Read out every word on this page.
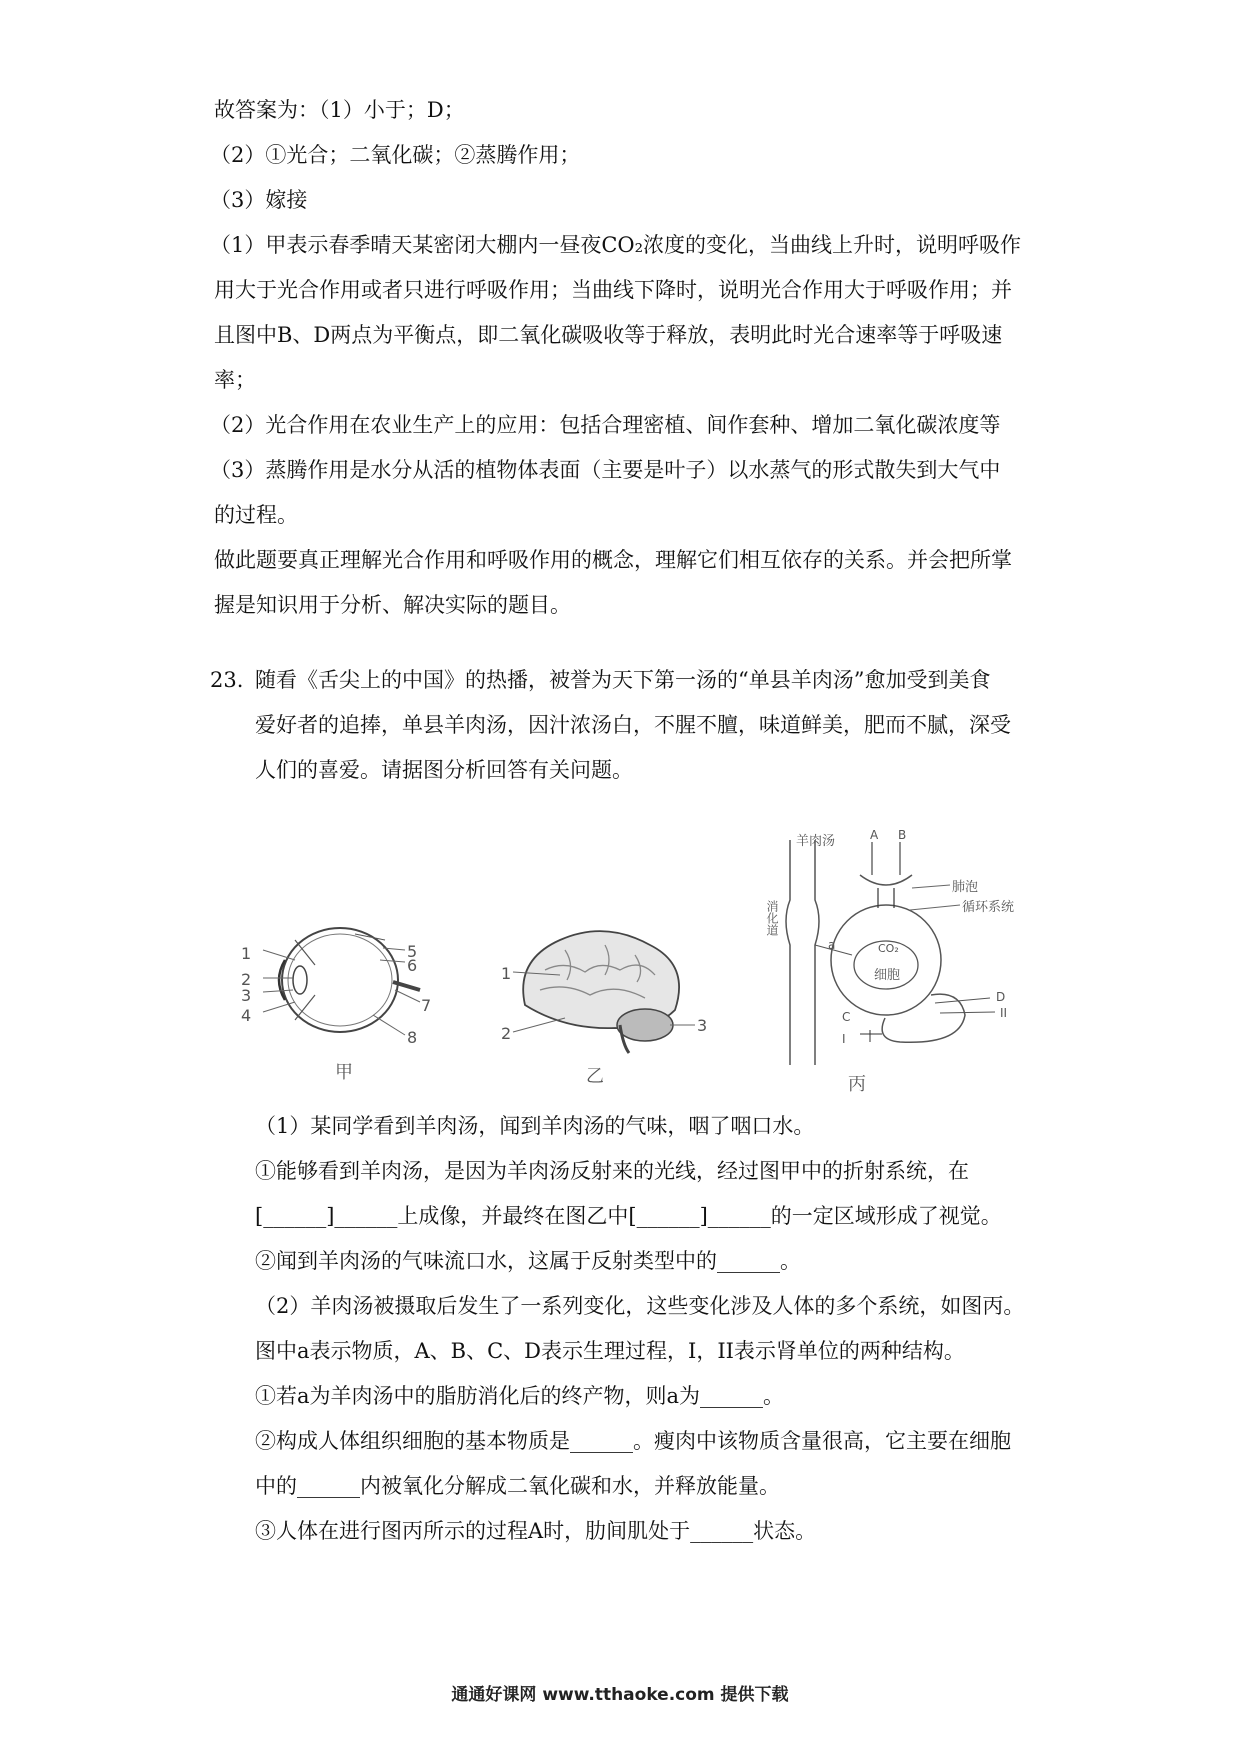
故答案为：（1）小于；D；
（2）①光合；二氧化碳；②蒸腾作用；
（3）嫁接
（1）甲表示春季晴天某密闭大棚内一昼夜CO₂浓度的变化，当曲线上升时，说明呼吸作
用大于光合作用或者只进行呼吸作用；当曲线下降时，说明光合作用大于呼吸作用；并
且图中B、D两点为平衡点，即二氧化碳吸收等于释放，表明此时光合速率等于呼吸速
率；
（2）光合作用在农业生产上的应用：包括合理密植、间作套种、增加二氧化碳浓度等
（3）蒸腾作用是水分从活的植物体表面（主要是叶子）以水蒸气的形式散失到大气中
的过程。
做此题要真正理解光合作用和呼吸作用的概念，理解它们相互依存的关系。并会把所掌
握是知识用于分析、解决实际的题目。
23. 随看《舌尖上的中国》的热播，被誉为天下第一汤的“单县羊肉汤”愈加受到美食
爱好者的追捧，单县羊肉汤，因汁浓汤白，不腥不膻，味道鲜美，肥而不腻，深受
人们的喜爱。请据图分析回答有关问题。
1
2
3
4
5
6
7
8
甲
1
2	3
乙
羊肉汤
消化道
A B
肺泡
循环系统
a	CO₂
细胞
D
II
C
I
丙
（1）某同学看到羊肉汤，闻到羊肉汤的气味，咽了咽口水。
①能够看到羊肉汤，是因为羊肉汤反射来的光线，经过图甲中的折射系统，在
[______]______上成像，并最终在图乙中[______]______的一定区域形成了视觉。
②闻到羊肉汤的气味流口水，这属于反射类型中的______。
（2）羊肉汤被摄取后发生了一系列变化，这些变化涉及人体的多个系统，如图丙。
图中a表示物质，A、B、C、D表示生理过程，I，II表示肾单位的两种结构。
①若a为羊肉汤中的脂肪消化后的终产物，则a为______。
②构成人体组织细胞的基本物质是______。瘦肉中该物质含量很高，它主要在细胞
中的______内被氧化分解成二氧化碳和水，并释放能量。
③人体在进行图丙所示的过程A时，肋间肌处于______状态。
通通好课网 www.tthaoke.com 提供下载
